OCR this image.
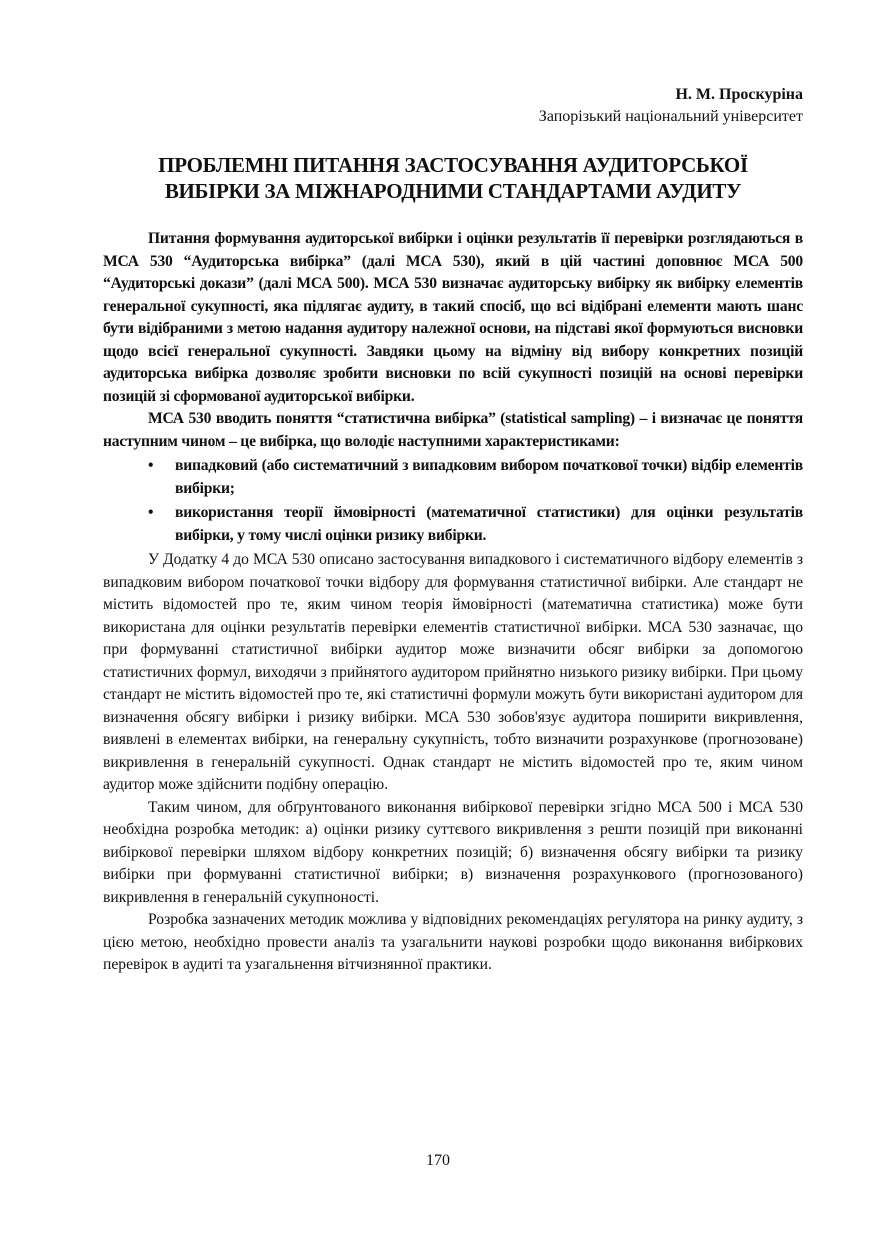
Н. М. Проскуріна
Запорізький національний університет
ПРОБЛЕМНІ ПИТАННЯ ЗАСТОСУВАННЯ АУДИТОРСЬКОЇ
ВИБІРКИ ЗА МІЖНАРОДНИМИ СТАНДАРТАМИ АУДИТУ

Питання формування аудиторської вибірки і оцінки результатів її перевірки розглядаються в МСА 530 “Аудиторська вибірка” (далі МСА 530), який в цій частині доповнює МСА 500 “Аудиторські докази” (далі МСА 500). МСА 530 визначає аудиторську вибірку як вибірку елементів генеральної сукупності, яка підлягає аудиту, в такий спосіб, що всі відібрані елементи мають шанс бути відібраними з метою надання аудитору належної основи, на підставі якої формуються висновки щодо всієї генеральної сукупності. Завдяки цьому на відміну від вибору конкретних позицій аудиторська вибірка дозволяє зробити висновки по всій сукупності позицій на основі перевірки позицій зі сформованої аудиторської вибірки.

МСА 530 вводить поняття “статистична вибірка” (statistical sampling) – і визначає це поняття наступним чином – це вибірка, що володіє наступними характеристиками:

• випадковий (або систематичний з випадковим вибором початкової точки) відбір елементів вибірки;
• використання теорії ймовірності (математичної статистики) для оцінки результатів вибірки, у тому числі оцінки ризику вибірки.

У Додатку 4 до МСА 530 описано застосування випадкового і систематичного відбору елементів з випадковим вибором початкової точки відбору для формування статистичної вибірки. Але стандарт не містить відомостей про те, яким чином теорія ймовірності (математична статистика) може бути використана для оцінки результатів перевірки елементів статистичної вибірки. МСА 530 зазначає, що при формуванні статистичної вибірки аудитор може визначити обсяг вибірки за допомогою статистичних формул, виходячи з прийнятого аудитором прийнятно низького ризику вибірки. При цьому стандарт не містить відомостей про те, які статистичні формули можуть бути використані аудитором для визначення обсягу вибірки і ризику вибірки. МСА 530 зобов'язує аудитора поширити викривлення, виявлені в елементах вибірки, на генеральну сукупність, тобто визначити розрахункове (прогнозоване) викривлення в генеральній сукупності. Однак стандарт не містить відомостей про те, яким чином аудитор може здійснити подібну операцію.

Таким чином, для обґрунтованого виконання вибіркової перевірки згідно МСА 500 і МСА 530 необхідна розробка методик: а) оцінки ризику суттєвого викривлення з решти позицій при виконанні вибіркової перевірки шляхом відбору конкретних позицій; б) визначення обсягу вибірки та ризику вибірки при формуванні статистичної вибірки; в) визначення розрахункового (прогнозованого) викривлення в генеральній сукупноності.

Розробка зазначених методик можлива у відповідних рекомендаціях регулятора на ринку аудиту, з цією метою, необхідно провести аналіз та узагальнити наукові розробки щодо виконання вибіркових перевірок в аудиті та узагальнення вітчизнянної практики.

170
